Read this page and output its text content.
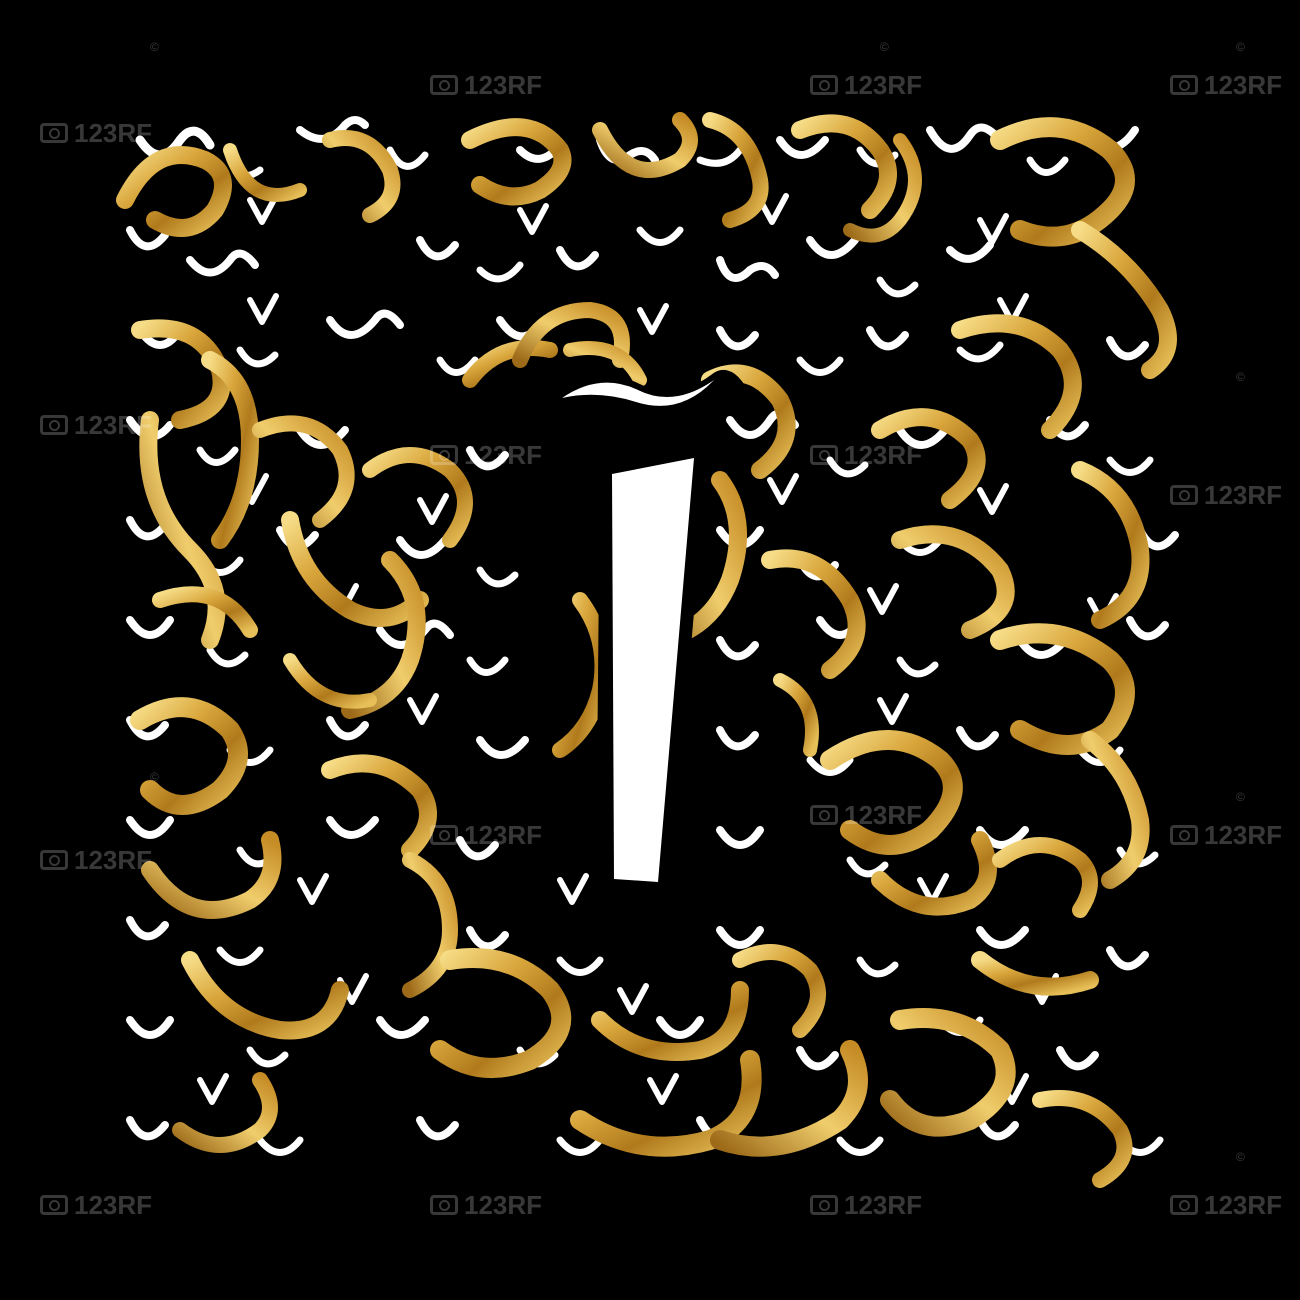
123RF
123RF	123RF	123RF
123RF
123RF	123RF
123RF
123RF
123RF
123RF
123RF
123RF	123RF	123RF	123RF
©	©	©
©
©
©
©
